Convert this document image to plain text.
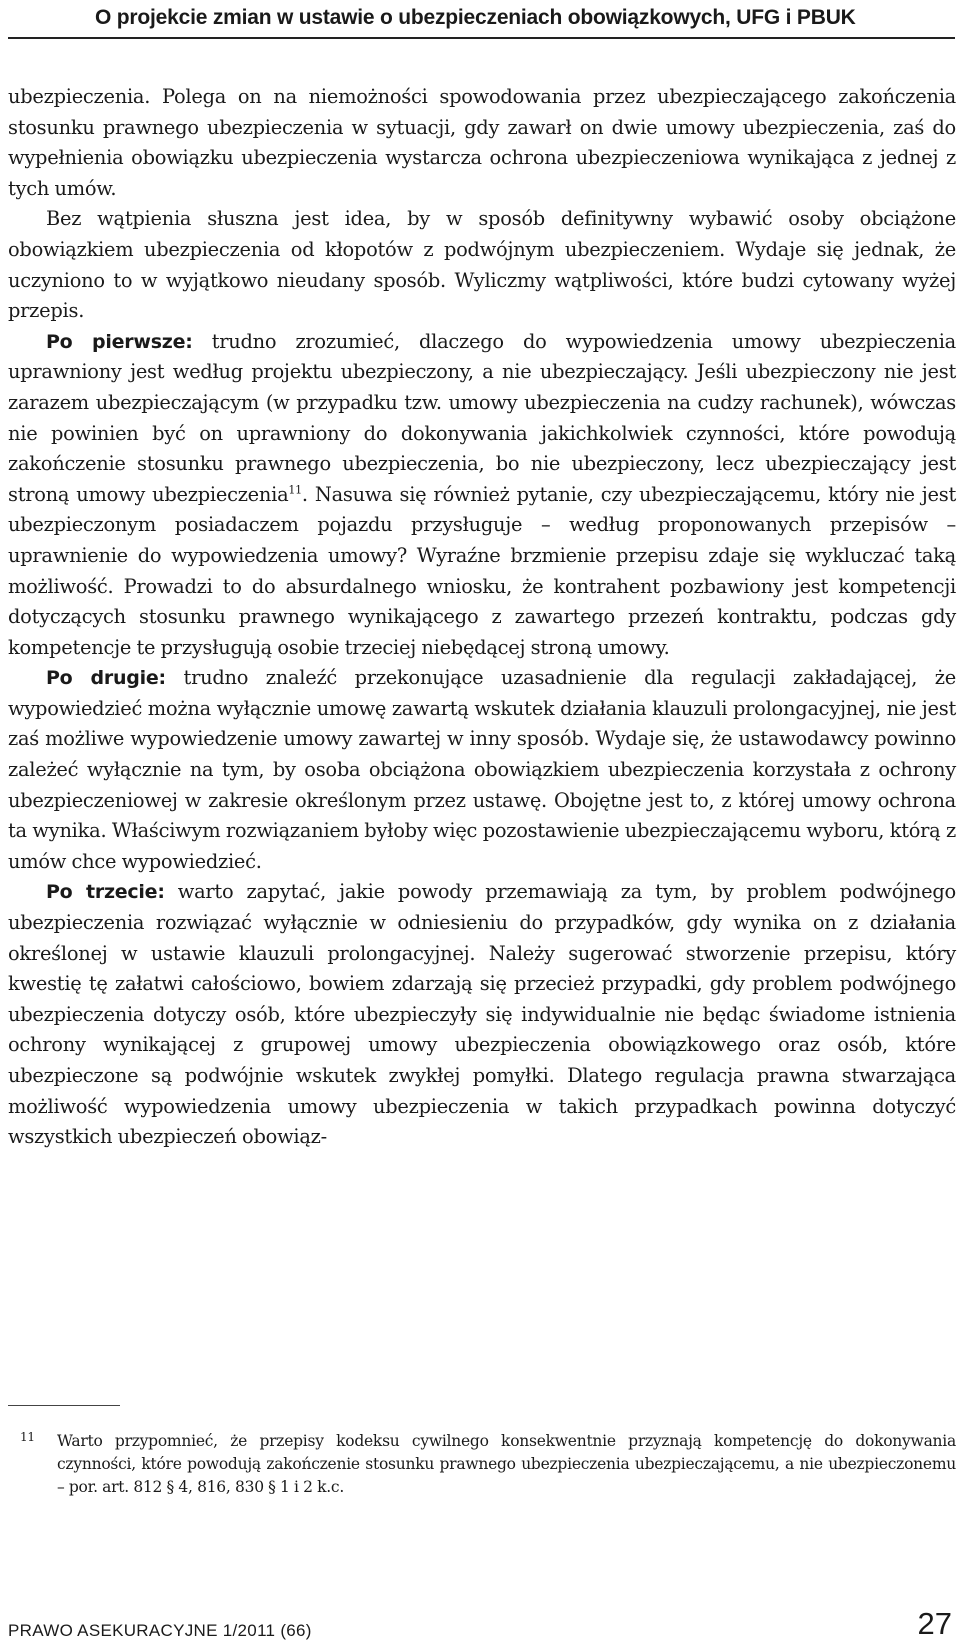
O projekcie zmian w ustawie o ubezpieczeniach obowiązkowych, UFG i PBUK

ubezpieczenia. Polega on na niemożności spowodowania przez ubezpieczającego zakończenia stosunku prawnego ubezpieczenia w sytuacji, gdy zawarł on dwie umowy ubezpieczenia, zaś do wypełnienia obowiązku ubezpieczenia wystarcza ochrona ubezpieczeniowa wynikająca z jednej z tych umów.

Bez wątpienia słuszna jest idea, by w sposób definitywny wybawić osoby obciążone obowiązkiem ubezpieczenia od kłopotów z podwójnym ubezpieczeniem. Wydaje się jednak, że uczyniono to w wyjątkowo nieudany sposób. Wyliczmy wątpliwości, które budzi cytowany wyżej przepis.

Po pierwsze: trudno zrozumieć, dlaczego do wypowiedzenia umowy ubezpieczenia uprawniony jest według projektu ubezpieczony, a nie ubezpieczający. Jeśli ubezpieczony nie jest zarazem ubezpieczającym (w przypadku tzw. umowy ubezpieczenia na cudzy rachunek), wówczas nie powinien być on uprawniony do dokonywania jakichkolwiek czynności, które powodują zakończenie stosunku prawnego ubezpieczenia, bo nie ubezpieczony, lecz ubezpieczający jest stroną umowy ubezpieczenia$^{11}$. Nasuwa się również pytanie, czy ubezpieczającemu, który nie jest ubezpieczonym posiadaczem pojazdu przysługuje – według proponowanych przepisów – uprawnienie do wypowiedzenia umowy? Wyraźne brzmienie przepisu zdaje się wykluczać taką możliwość. Prowadzi to do absurdalnego wniosku, że kontrahent pozbawiony jest kompetencji dotyczących stosunku prawnego wynikającego z zawartego przezeń kontraktu, podczas gdy kompetencje te przysługują osobie trzeciej niebędącej stroną umowy.

Po drugie: trudno znaleźć przekonujące uzasadnienie dla regulacji zakładającej, że wypowiedzieć można wyłącznie umowę zawartą wskutek działania klauzuli prolongacyjnej, nie jest zaś możliwe wypowiedzenie umowy zawartej w inny sposób. Wydaje się, że ustawodawcy powinno zależeć wyłącznie na tym, by osoba obciążona obowiązkiem ubezpieczenia korzystała z ochrony ubezpieczeniowej w zakresie określonym przez ustawę. Obojętne jest to, z której umowy ochrona ta wynika. Właściwym rozwiązaniem byłoby więc pozostawienie ubezpieczającemu wyboru, którą z umów chce wypowiedzieć.

Po trzecie: warto zapytać, jakie powody przemawiają za tym, by problem podwójnego ubezpieczenia rozwiązać wyłącznie w odniesieniu do przypadków, gdy wynika on z działania określonej w ustawie klauzuli prolongacyjnej. Należy sugerować stworzenie przepisu, który kwestię tę załatwi całościowo, bowiem zdarzają się przecież przypadki, gdy problem podwójnego ubezpieczenia dotyczy osób, które ubezpieczyły się indywidualnie nie będąc świadome istnienia ochrony wynikającej z grupowej umowy ubezpieczenia obowiązkowego oraz osób, które ubezpieczone są podwójnie wskutek zwykłej pomyłki. Dlatego regulacja prawna stwarzająca możliwość wypowiedzenia umowy ubezpieczenia w takich przypadkach powinna dotyczyć wszystkich ubezpieczeń obowiąz-

11 Warto przypomnieć, że przepisy kodeksu cywilnego konsekwentnie przyznają kompetencję do dokonywania czynności, które powodują zakończenie stosunku prawnego ubezpieczenia ubezpieczającemu, a nie ubezpieczonemu – por. art. 812 § 4, 816, 830 § 1 i 2 k.c.
PRAWO ASEKURACYJNE 1/2011 (66)	27
